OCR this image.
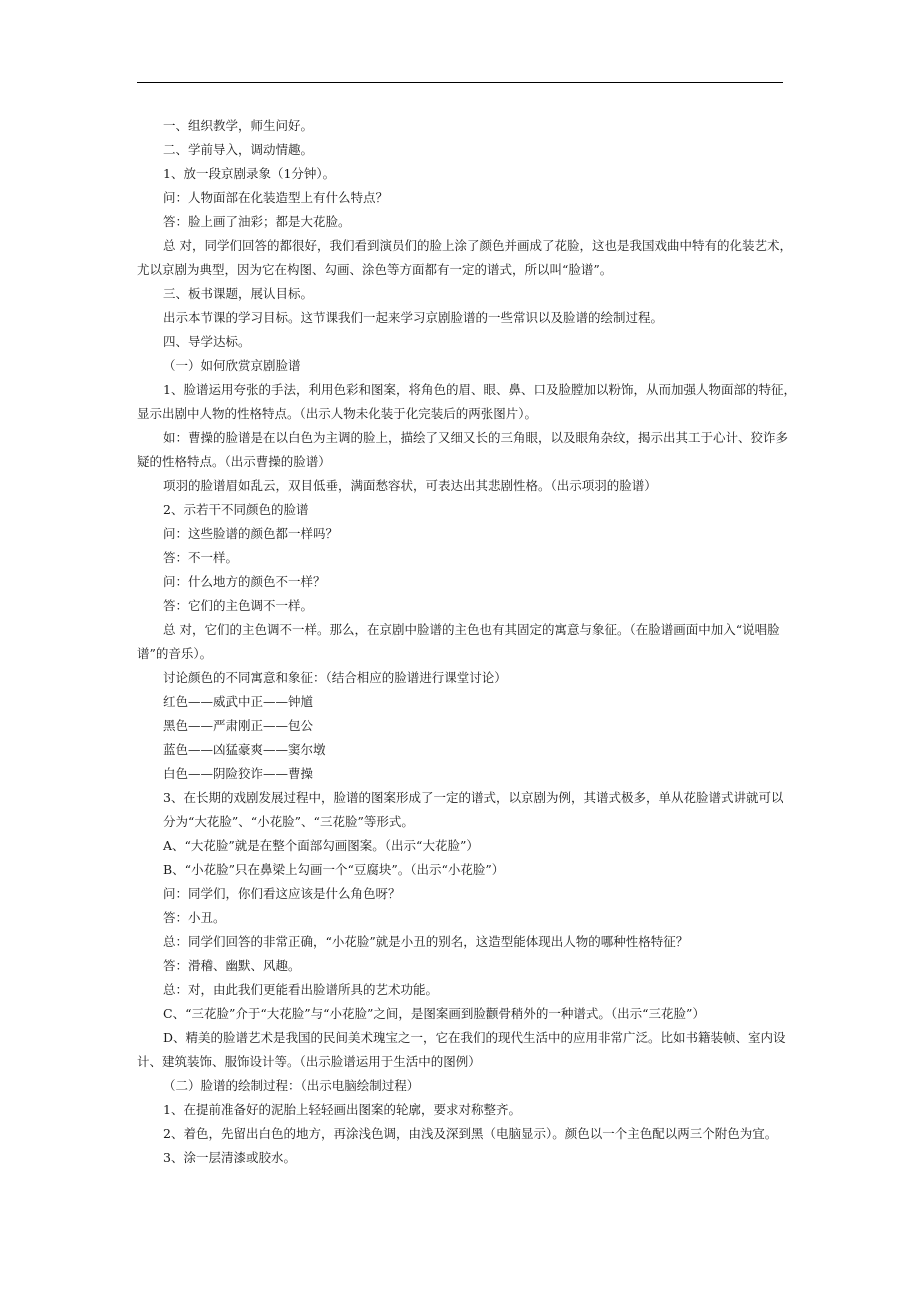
一、组织教学，师生问好。
二、学前导入，调动情趣。
1、放一段京剧录象（1分钟）。
问：人物面部在化装造型上有什么特点？
答：脸上画了油彩；都是大花脸。
总 对，同学们回答的都很好，我们看到演员们的脸上涂了颜色并画成了花脸，这也是我国戏曲中特有的化装艺术，
尤以京剧为典型，因为它在构图、勾画、涂色等方面都有一定的谱式，所以叫“脸谱”。
三、板书课题，展认目标。
出示本节课的学习目标。这节课我们一起来学习京剧脸谱的一些常识以及脸谱的绘制过程。
四、导学达标。
（一）如何欣赏京剧脸谱
1、脸谱运用夸张的手法，利用色彩和图案，将角色的眉、眼、鼻、口及脸膛加以粉饰，从而加强人物面部的特征，
显示出剧中人物的性格特点。（出示人物未化装于化完装后的两张图片）。
如：曹操的脸谱是在以白色为主调的脸上，描绘了又细又长的三角眼，以及眼角杂纹，揭示出其工于心计、狡诈多
疑的性格特点。（出示曹操的脸谱）
项羽的脸谱眉如乱云，双目低垂，满面愁容状，可表达出其悲剧性格。（出示项羽的脸谱）
2、示若干不同颜色的脸谱
问：这些脸谱的颜色都一样吗？
答：不一样。
问：什么地方的颜色不一样？
答：它们的主色调不一样。
总 对，它们的主色调不一样。那么，在京剧中脸谱的主色也有其固定的寓意与象征。（在脸谱画面中加入“说唱脸
谱”的音乐）。
讨论颜色的不同寓意和象征：（结合相应的脸谱进行课堂讨论）
红色——威武中正——钟馗
黑色——严肃刚正——包公
蓝色——凶猛豪爽——窦尔墩
白色——阴险狡诈——曹操
3、在长期的戏剧发展过程中，脸谱的图案形成了一定的谱式，以京剧为例，其谱式极多，单从花脸谱式讲就可以
分为“大花脸”、“小花脸”、“三花脸”等形式。
A、“大花脸”就是在整个面部勾画图案。（出示“大花脸”）
B、“小花脸”只在鼻梁上勾画一个“豆腐块”。（出示“小花脸”）
问：同学们，你们看这应该是什么角色呀？
答：小丑。
总：同学们回答的非常正确，“小花脸”就是小丑的别名，这造型能体现出人物的哪种性格特征？
答：滑稽、幽默、风趣。
总：对，由此我们更能看出脸谱所具的艺术功能。
C、“三花脸”介于“大花脸”与“小花脸”之间，是图案画到脸颧骨稍外的一种谱式。（出示“三花脸”）
D、精美的脸谱艺术是我国的民间美术瑰宝之一，它在我们的现代生活中的应用非常广泛。比如书籍装帧、室内设
计、建筑装饰、服饰设计等。（出示脸谱运用于生活中的图例）
（二）脸谱的绘制过程：（出示电脑绘制过程）
1、在提前准备好的泥胎上轻轻画出图案的轮廓，要求对称整齐。
2、着色，先留出白色的地方，再涂浅色调，由浅及深到黑（电脑显示）。颜色以一个主色配以两三个附色为宜。
3、涂一层清漆或胶水。
